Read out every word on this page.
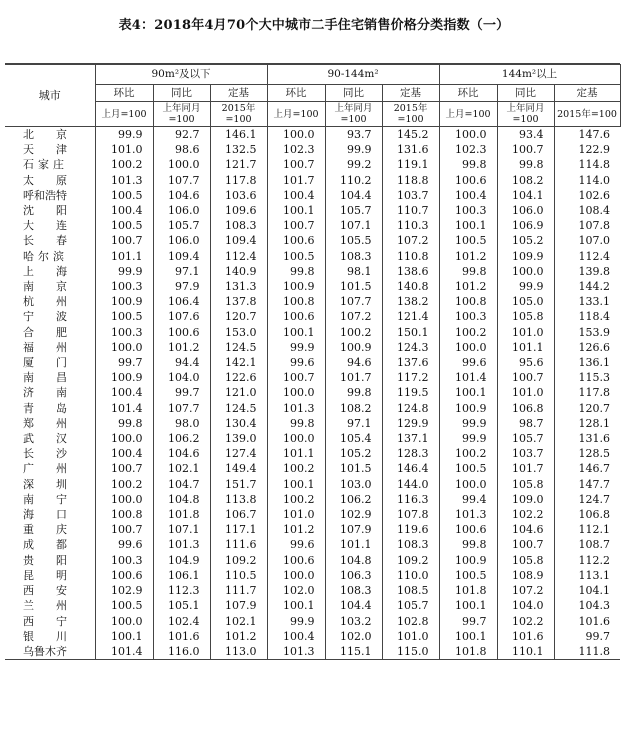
表4：2018年4月70个大中城市二手住宅销售价格分类指数（一）
城市	90m²及以下			90-144m²			144m²以上		
	环比	同比	定基	环比	同比	定基	环比	同比	定基
	上月=100	上年同月=100	2015年=100	上月=100	上年同月=100	2015年=100	上月=100	上年同月=100	2015年=100
北京	99.9	92.7	146.1	100.0	93.7	145.2	100.0	93.4	147.6
天津	101.0	98.6	132.5	102.3	99.9	131.6	102.3	100.7	122.9
石家庄	100.2	100.0	121.7	100.7	99.2	119.1	99.8	99.8	114.8
太原	101.3	107.7	117.8	101.7	110.2	118.8	100.6	108.2	114.0
呼和浩特	100.5	104.6	103.6	100.4	104.4	103.7	100.4	104.1	102.6
沈阳	100.4	106.0	109.6	100.1	105.7	110.7	100.3	106.0	108.4
大连	100.5	105.7	108.3	100.7	107.1	110.3	100.1	106.9	107.8
长春	100.7	106.0	109.4	100.6	105.5	107.2	100.5	105.2	107.0
哈尔滨	101.1	109.4	112.4	100.5	108.3	110.8	101.2	109.9	112.4
上海	99.9	97.1	140.9	99.8	98.1	138.6	99.8	100.0	139.8
南京	100.3	97.9	131.3	100.9	101.5	140.8	101.2	99.9	144.2
杭州	100.9	106.4	137.8	100.8	107.7	138.2	100.8	105.0	133.1
宁波	100.5	107.6	120.7	100.6	107.2	121.4	100.3	105.8	118.4
合肥	100.3	100.6	153.0	100.1	100.2	150.1	100.2	101.0	153.9
福州	100.0	101.2	124.5	99.9	100.9	124.3	100.0	101.1	126.6
厦门	99.7	94.4	142.1	99.6	94.6	137.6	99.6	95.6	136.1
南昌	100.9	104.0	122.6	100.7	101.7	117.2	101.4	100.7	115.3
济南	100.4	99.7	121.0	100.0	99.8	119.5	100.1	101.0	117.8
青岛	101.4	107.7	124.5	101.3	108.2	124.8	100.9	106.8	120.7
郑州	99.8	98.0	130.4	99.8	97.1	129.9	99.9	98.7	128.1
武汉	100.0	106.2	139.0	100.0	105.4	137.1	99.9	105.7	131.6
长沙	100.4	104.6	127.4	101.1	105.2	128.3	100.2	103.7	128.5
广州	100.7	102.1	149.4	100.2	101.5	146.4	100.5	101.7	146.7
深圳	100.2	104.7	151.7	100.1	103.0	144.0	100.0	105.8	147.7
南宁	100.0	104.8	113.8	100.2	106.2	116.3	99.4	109.0	124.7
海口	100.8	101.8	106.7	101.0	102.9	107.8	101.3	102.2	106.8
重庆	100.7	107.1	117.1	101.2	107.9	119.6	100.6	104.6	112.1
成都	99.6	101.3	111.6	99.6	101.1	108.3	99.8	100.7	108.7
贵阳	100.3	104.9	109.2	100.6	104.8	109.2	100.9	105.8	112.2
昆明	100.6	106.1	110.5	100.0	106.3	110.0	100.5	108.9	113.1
西安	102.9	112.3	111.7	102.0	108.3	108.5	101.8	107.2	104.1
兰州	100.5	105.1	107.9	100.1	104.4	105.7	100.1	104.0	104.3
西宁	100.0	102.4	102.1	99.9	103.2	102.8	99.7	102.2	101.6
银川	100.1	101.6	101.2	100.4	102.0	101.0	100.1	101.6	99.7
乌鲁木齐	101.4	116.0	113.0	101.3	115.1	115.0	101.8	110.1	111.8
